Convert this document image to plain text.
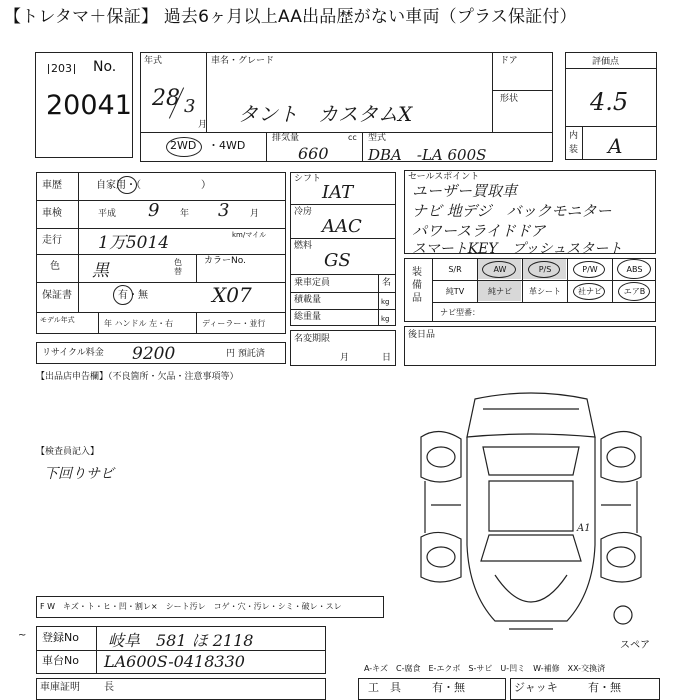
【トレタマ＋保証】 過去6ヶ月以上AA出品歴がない車両（プラス保証付）
203 No.
20041
年式
28 3
月
車名・グレード
タント　カスタムX
ドア
形状
2WD ・4WD
排気量	cc
660
型式
DBA　-LA 600S
評価点
4.5
内
装 A
車歴	自家用・（　　　　　　）
車検	平成 9 年 3 月
走行 1万5014	km/マイル
色 黒	色替
カラーNo.
保証書	有・無	X07
モデル年式	年 ハンドル 左・右	ディーラー・並行
リサイクル料金 9200	円 預託済
シフト
IAT
冷房
AAC
燃料
GS
乗車定員	名
積載量	kg
総重量	kg
名変期限
月	日
セールスポイント
ユーザー買取車
ナビ 地デジ　バックモニター
パワースライドドア
スマートKEY　プッシュスタート
装備品
S/R	AW	P/S	P/W	ABS
純TV	純ナビ	革シート	社ナビ	エアB
ナビ型番：
後日品
【出品店申告欄】（不良箇所・欠品・注意事項等）
【検査員記入】
下回りサビ
A1
スペア
F W　キズ・ト・ヒ・凹・割レ×　シート汚レ　コゲ・穴・汚レ・シミ・破レ・スレ
~ 登録No 岐阜　581 ほ 2118
車台No LA600S-0418330	A-キズ　C-腐食　E-エクボ　S-サビ　U-凹ミ　W-補修　XX-交換済
車庫証明 長	工　具	有・無	ジャッキ	有・無
